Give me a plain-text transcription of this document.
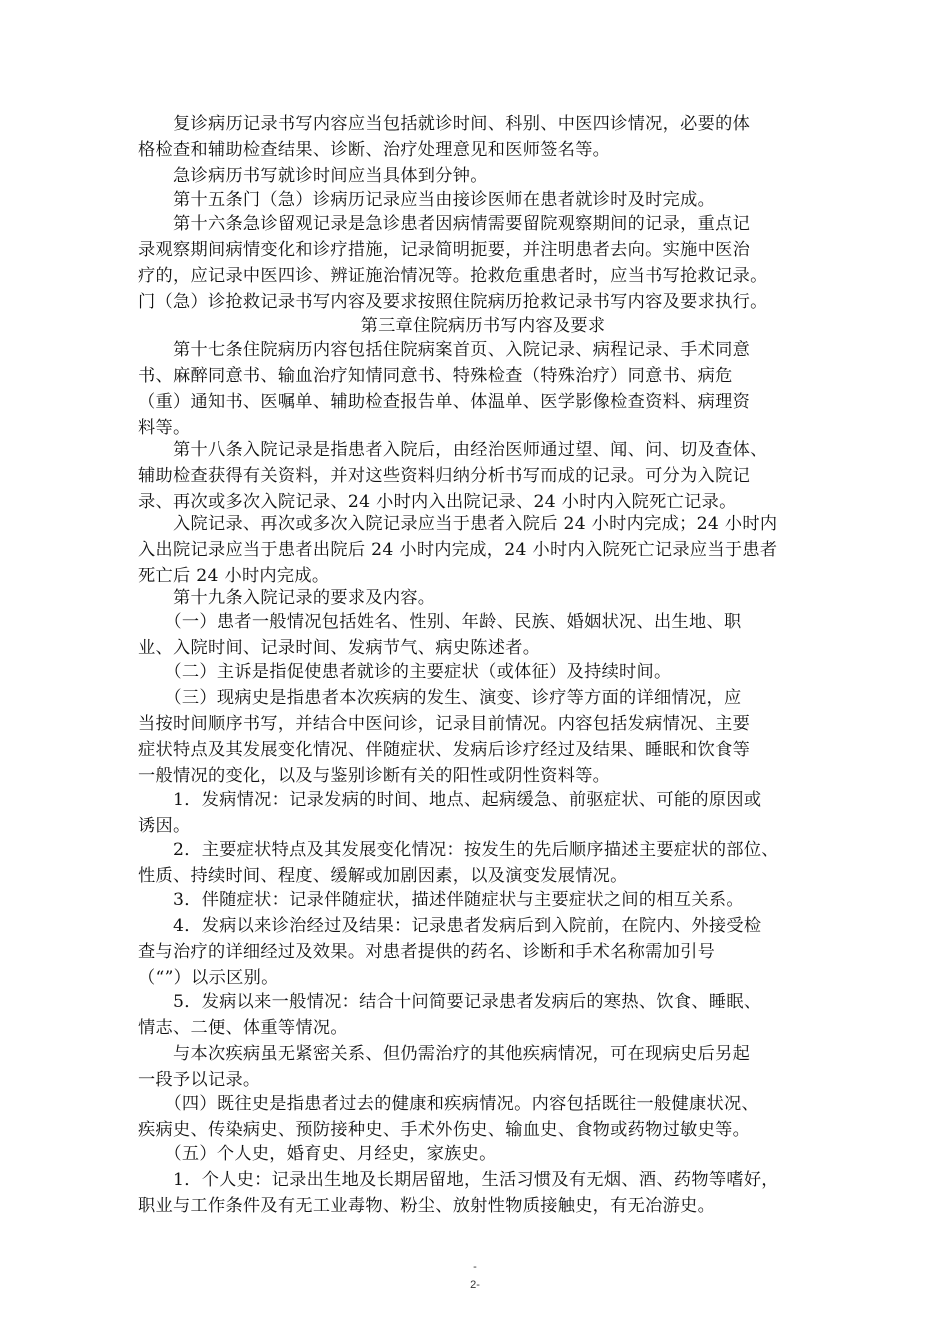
　　复诊病历记录书写内容应当包括就诊时间、科别、中医四诊情况，必要的体
格检查和辅助检查结果、诊断、治疗处理意见和医师签名等。

　　急诊病历书写就诊时间应当具体到分钟。

　　第十五条门（急）诊病历记录应当由接诊医师在患者就诊时及时完成。

　　第十六条急诊留观记录是急诊患者因病情需要留院观察期间的记录，重点记
录观察期间病情变化和诊疗措施，记录简明扼要，并注明患者去向。实施中医治
疗的，应记录中医四诊、辨证施治情况等。抢救危重患者时，应当书写抢救记录。
门（急）诊抢救记录书写内容及要求按照住院病历抢救记录书写内容及要求执行。

第三章住院病历书写内容及要求

　　第十七条住院病历内容包括住院病案首页、入院记录、病程记录、手术同意
书、麻醉同意书、输血治疗知情同意书、特殊检查（特殊治疗）同意书、病危
（重）通知书、医嘱单、辅助检查报告单、体温单、医学影像检查资料、病理资
料等。

　　第十八条入院记录是指患者入院后，由经治医师通过望、闻、问、切及查体、
辅助检查获得有关资料，并对这些资料归纳分析书写而成的记录。可分为入院记
录、再次或多次入院记录、24 小时内入出院记录、24 小时内入院死亡记录。

　　入院记录、再次或多次入院记录应当于患者入院后 24 小时内完成；24 小时内
入出院记录应当于患者出院后 24 小时内完成，24 小时内入院死亡记录应当于患者
死亡后 24 小时内完成。

　　第十九条入院记录的要求及内容。

　　（一）患者一般情况包括姓名、性别、年龄、民族、婚姻状况、出生地、职
业、入院时间、记录时间、发病节气、病史陈述者。

　　（二）主诉是指促使患者就诊的主要症状（或体征）及持续时间。

　　（三）现病史是指患者本次疾病的发生、演变、诊疗等方面的详细情况，应
当按时间顺序书写，并结合中医问诊，记录目前情况。内容包括发病情况、主要
症状特点及其发展变化情况、伴随症状、发病后诊疗经过及结果、睡眠和饮食等
一般情况的变化，以及与鉴别诊断有关的阳性或阴性资料等。

　　1．发病情况：记录发病的时间、地点、起病缓急、前驱症状、可能的原因或
诱因。

　　2．主要症状特点及其发展变化情况：按发生的先后顺序描述主要症状的部位、
性质、持续时间、程度、缓解或加剧因素，以及演变发展情况。

　　3．伴随症状：记录伴随症状，描述伴随症状与主要症状之间的相互关系。

　　4．发病以来诊治经过及结果：记录患者发病后到入院前，在院内、外接受检
查与治疗的详细经过及效果。对患者提供的药名、诊断和手术名称需加引号
（“”）以示区别。

　　5．发病以来一般情况：结合十问简要记录患者发病后的寒热、饮食、睡眠、
情志、二便、体重等情况。

　　与本次疾病虽无紧密关系、但仍需治疗的其他疾病情况，可在现病史后另起
一段予以记录。

　　（四）既往史是指患者过去的健康和疾病情况。内容包括既往一般健康状况、
疾病史、传染病史、预防接种史、手术外伤史、输血史、食物或药物过敏史等。

　　（五）个人史，婚育史、月经史，家族史。

　　1．个人史：记录出生地及长期居留地，生活习惯及有无烟、酒、药物等嗜好，
职业与工作条件及有无工业毒物、粉尘、放射性物质接触史，有无冶游史。

-
2-
